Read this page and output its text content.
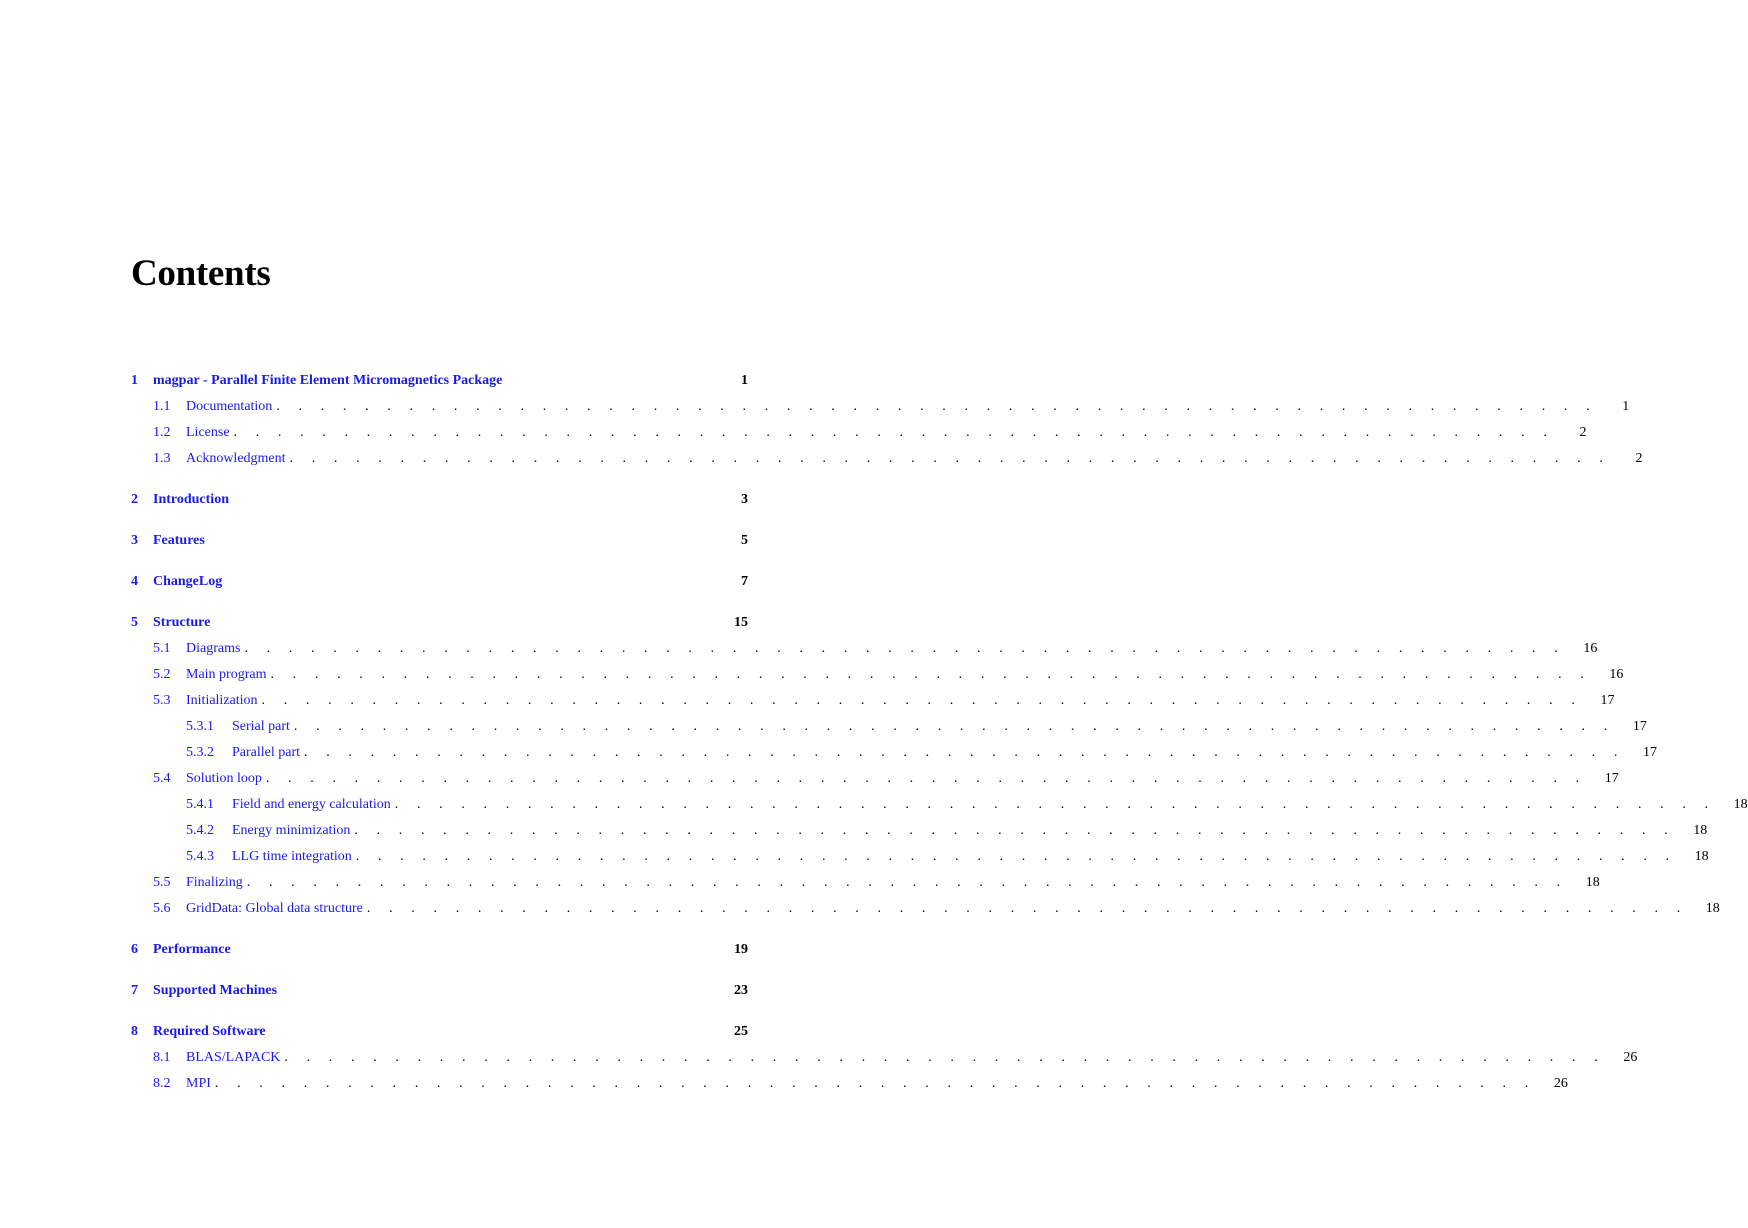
Contents
1	magpar - Parallel Finite Element Micromagnetics Package	1
1.1	Documentation . . . . . . . . . . . . . . . . . . . . . . . . . . . . . . . . . . . . . . . . . . . . . . . . . . . . . . . . . . . .	1
1.2	License . . . . . . . . . . . . . . . . . . . . . . . . . . . . . . . . . . . . . . . . . . . . . . . . . . . . . . . . . . . .	2
1.3	Acknowledgment . . . . . . . . . . . . . . . . . . . . . . . . . . . . . . . . . . . . . . . . . . . . . . . . . . . . . . . . . . . .	2
2	Introduction	3
3	Features	5
4	ChangeLog	7
5	Structure	15
5.1	Diagrams . . . . . . . . . . . . . . . . . . . . . . . . . . . . . . . . . . . . . . . . . . . . . . . . . . . . . . . . . . . .	16
5.2	Main program . . . . . . . . . . . . . . . . . . . . . . . . . . . . . . . . . . . . . . . . . . . . . . . . . . . . . . . . . . . .	16
5.3	Initialization . . . . . . . . . . . . . . . . . . . . . . . . . . . . . . . . . . . . . . . . . . . . . . . . . . . . . . . . . . . .	17
5.3.1	Serial part . . . . . . . . . . . . . . . . . . . . . . . . . . . . . . . . . . . . . . . . . . . . . . . . . . . . . . . . . . . .	17
5.3.2	Parallel part . . . . . . . . . . . . . . . . . . . . . . . . . . . . . . . . . . . . . . . . . . . . . . . . . . . . . . . . . . . .	17
5.4	Solution loop . . . . . . . . . . . . . . . . . . . . . . . . . . . . . . . . . . . . . . . . . . . . . . . . . . . . . . . . . . . .	17
5.4.1	Field and energy calculation . . . . . . . . . . . . . . . . . . . . . . . . . . . . . . . . . . . . . . . . . . . . . . . . . . . . . . . . . . . .	18
5.4.2	Energy minimization . . . . . . . . . . . . . . . . . . . . . . . . . . . . . . . . . . . . . . . . . . . . . . . . . . . . . . . . . . . .	18
5.4.3	LLG time integration . . . . . . . . . . . . . . . . . . . . . . . . . . . . . . . . . . . . . . . . . . . . . . . . . . . . . . . . . . . .	18
5.5	Finalizing . . . . . . . . . . . . . . . . . . . . . . . . . . . . . . . . . . . . . . . . . . . . . . . . . . . . . . . . . . . .	18
5.6	GridData: Global data structure . . . . . . . . . . . . . . . . . . . . . . . . . . . . . . . . . . . . . . . . . . . . . . . . . . . . . . . . . . . .	18
6	Performance	19
7	Supported Machines	23
8	Required Software	25
8.1	BLAS/LAPACK . . . . . . . . . . . . . . . . . . . . . . . . . . . . . . . . . . . . . . . . . . . . . . . . . . . . . . . . . . . .	26
8.2	MPI . . . . . . . . . . . . . . . . . . . . . . . . . . . . . . . . . . . . . . . . . . . . . . . . . . . . . . . . . . . .	26
